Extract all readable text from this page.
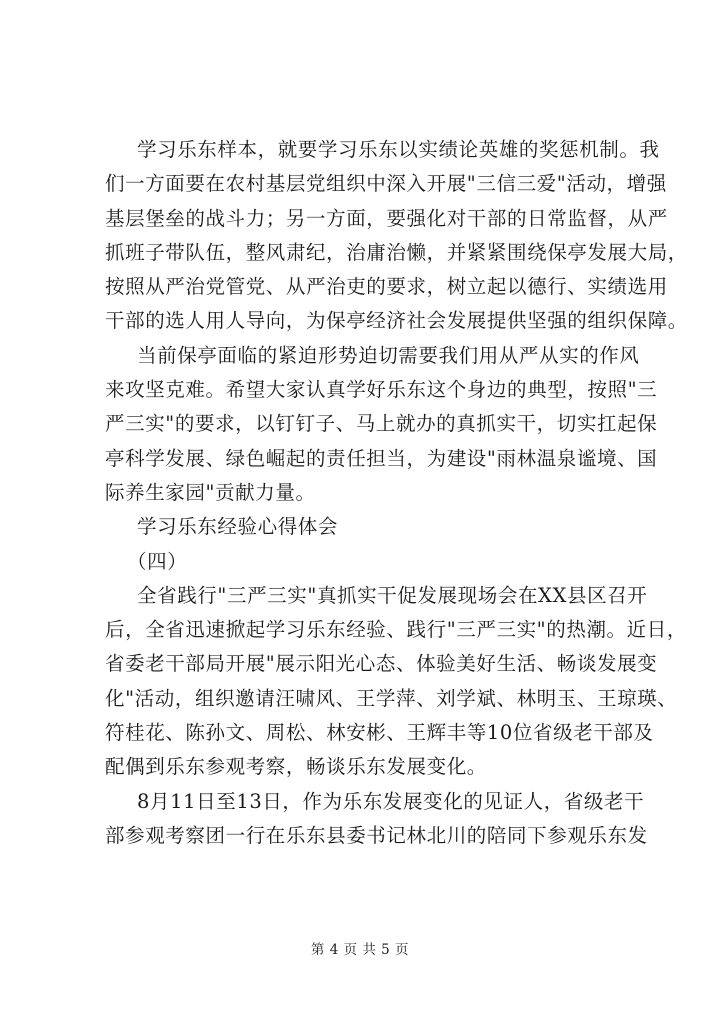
学习乐东样本，就要学习乐东以实绩论英雄的奖惩机制。我
们一方面要在农村基层党组织中深入开展"三信三爱"活动，增强
基层堡垒的战斗力；另一方面，要强化对干部的日常监督，从严
抓班子带队伍，整风肃纪，治庸治懒，并紧紧围绕保亭发展大局，
按照从严治党管党、从严治吏的要求，树立起以德行、实绩选用
干部的选人用人导向，为保亭经济社会发展提供坚强的组织保障。

当前保亭面临的紧迫形势迫切需要我们用从严从实的作风
来攻坚克难。希望大家认真学好乐东这个身边的典型，按照"三
严三实"的要求，以钉钉子、马上就办的真抓实干，切实扛起保
亭科学发展、绿色崛起的责任担当，为建设"雨林温泉谧境、国
际养生家园"贡献力量。

学习乐东经验心得体会
（四）

全省践行"三严三实"真抓实干促发展现场会在XX县区召开
后，全省迅速掀起学习乐东经验、践行"三严三实"的热潮。近日，
省委老干部局开展"展示阳光心态、体验美好生活、畅谈发展变
化"活动，组织邀请汪啸风、王学萍、刘学斌、林明玉、王琼瑛、
符桂花、陈孙文、周松、林安彬、王辉丰等10位省级老干部及
配偶到乐东参观考察，畅谈乐东发展变化。

8月11日至13日，作为乐东发展变化的见证人，省级老干
部参观考察团一行在乐东县委书记林北川的陪同下参观乐东发

第 4 页 共 5 页
